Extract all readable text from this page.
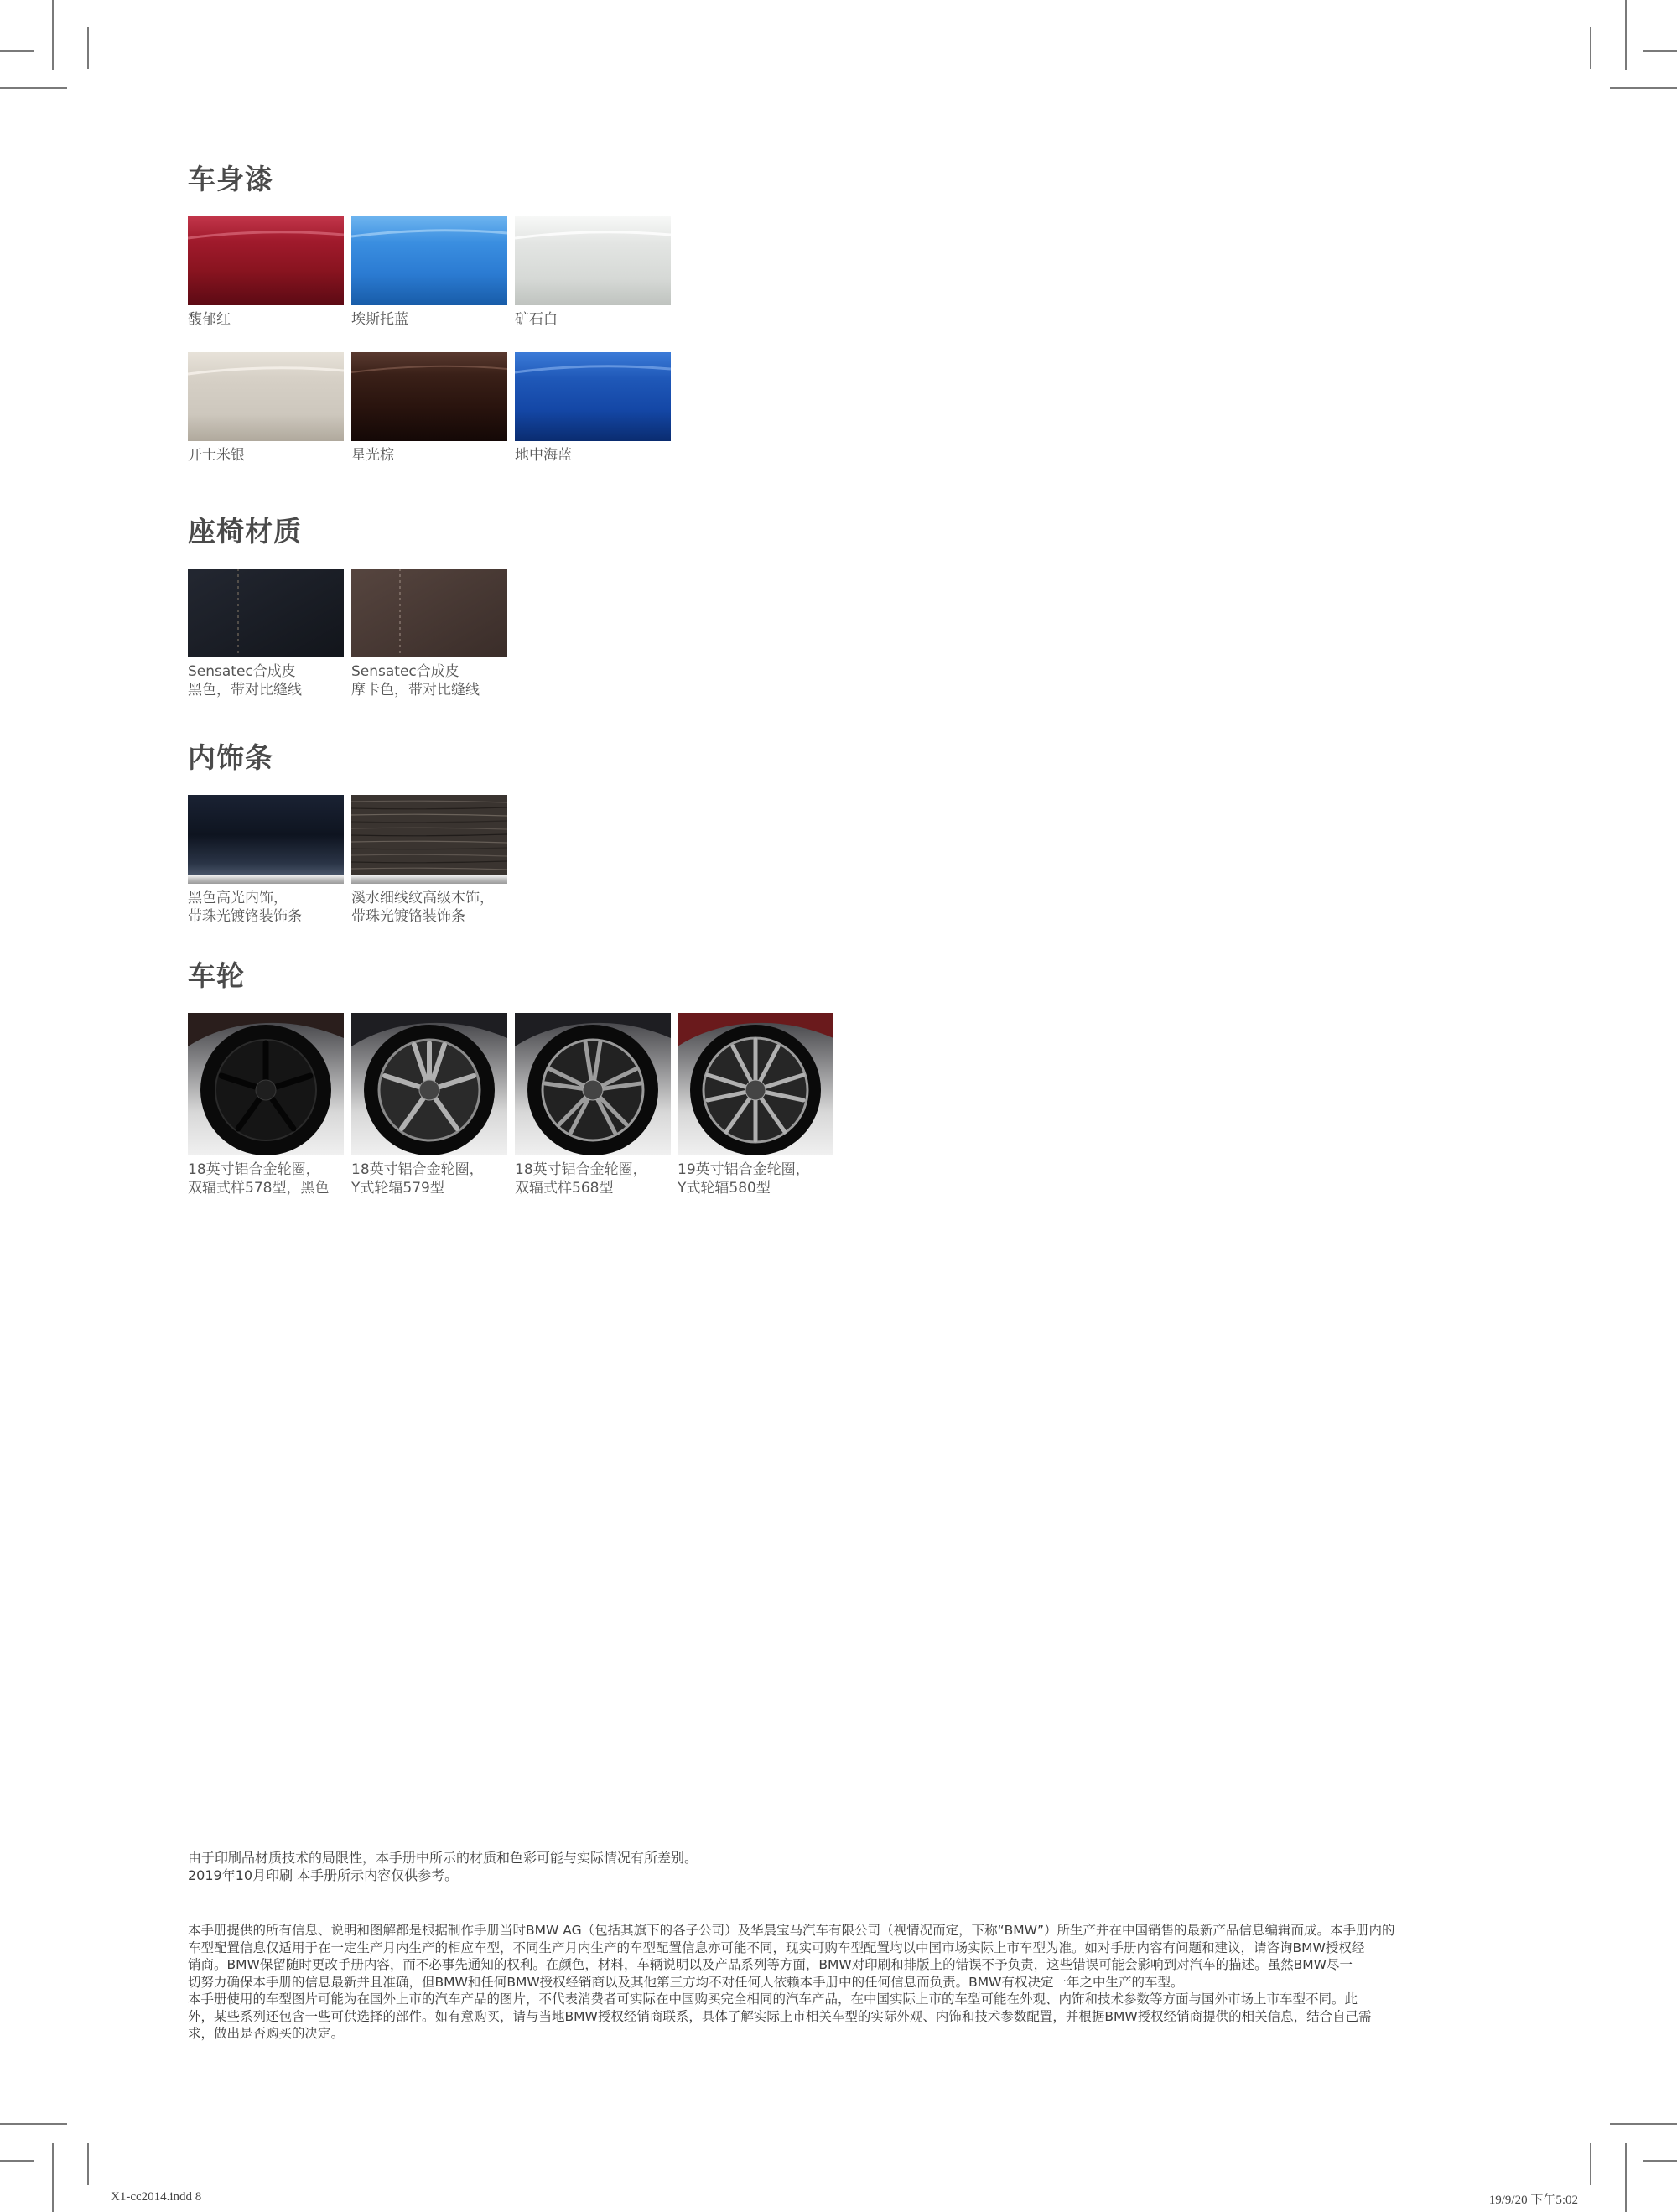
车身漆
馥郁红	埃斯托蓝	矿石白
开士米银	星光棕	地中海蓝
座椅材质
Sensatec合成皮
黑色，带对比缝线
Sensatec合成皮
摩卡色，带对比缝线
内饰条
黑色高光内饰，
带珠光镀铬装饰条
溪水细线纹高级木饰，
带珠光镀铬装饰条
车轮
18英寸铝合金轮圈，
双辐式样578型，黑色
18英寸铝合金轮圈，
Y式轮辐579型
18英寸铝合金轮圈，
双辐式样568型
19英寸铝合金轮圈，
Y式轮辐580型
由于印刷品材质技术的局限性，本手册中所示的材质和色彩可能与实际情况有所差别。
2019年10月印刷 本手册所示内容仅供参考。
本手册提供的所有信息、说明和图解都是根据制作手册当时BMW AG（包括其旗下的各子公司）及华晨宝马汽车有限公司（视情况而定，下称“BMW”）所生产并在中国销售的最新产品信息编辑而成。本手册内的
车型配置信息仅适用于在一定生产月内生产的相应车型，不同生产月内生产的车型配置信息亦可能不同，现实可购车型配置均以中国市场实际上市车型为准。如对手册内容有问题和建议，请咨询BMW授权经
销商。BMW保留随时更改手册内容，而不必事先通知的权利。在颜色，材料，车辆说明以及产品系列等方面，BMW对印刷和排版上的错误不予负责，这些错误可能会影响到对汽车的描述。虽然BMW尽一
切努力确保本手册的信息最新并且准确，但BMW和任何BMW授权经销商以及其他第三方均不对任何人依赖本手册中的任何信息而负责。BMW有权决定一年之中生产的车型。
本手册使用的车型图片可能为在国外上市的汽车产品的图片，不代表消费者可实际在中国购买完全相同的汽车产品，在中国实际上市的车型可能在外观、内饰和技术参数等方面与国外市场上市车型不同。此
外，某些系列还包含一些可供选择的部件。如有意购买，请与当地BMW授权经销商联系，具体了解实际上市相关车型的实际外观、内饰和技术参数配置，并根据BMW授权经销商提供的相关信息，结合自己需
求，做出是否购买的决定。
X1-cc2014.indd 8	19/9/20 下午5:02
